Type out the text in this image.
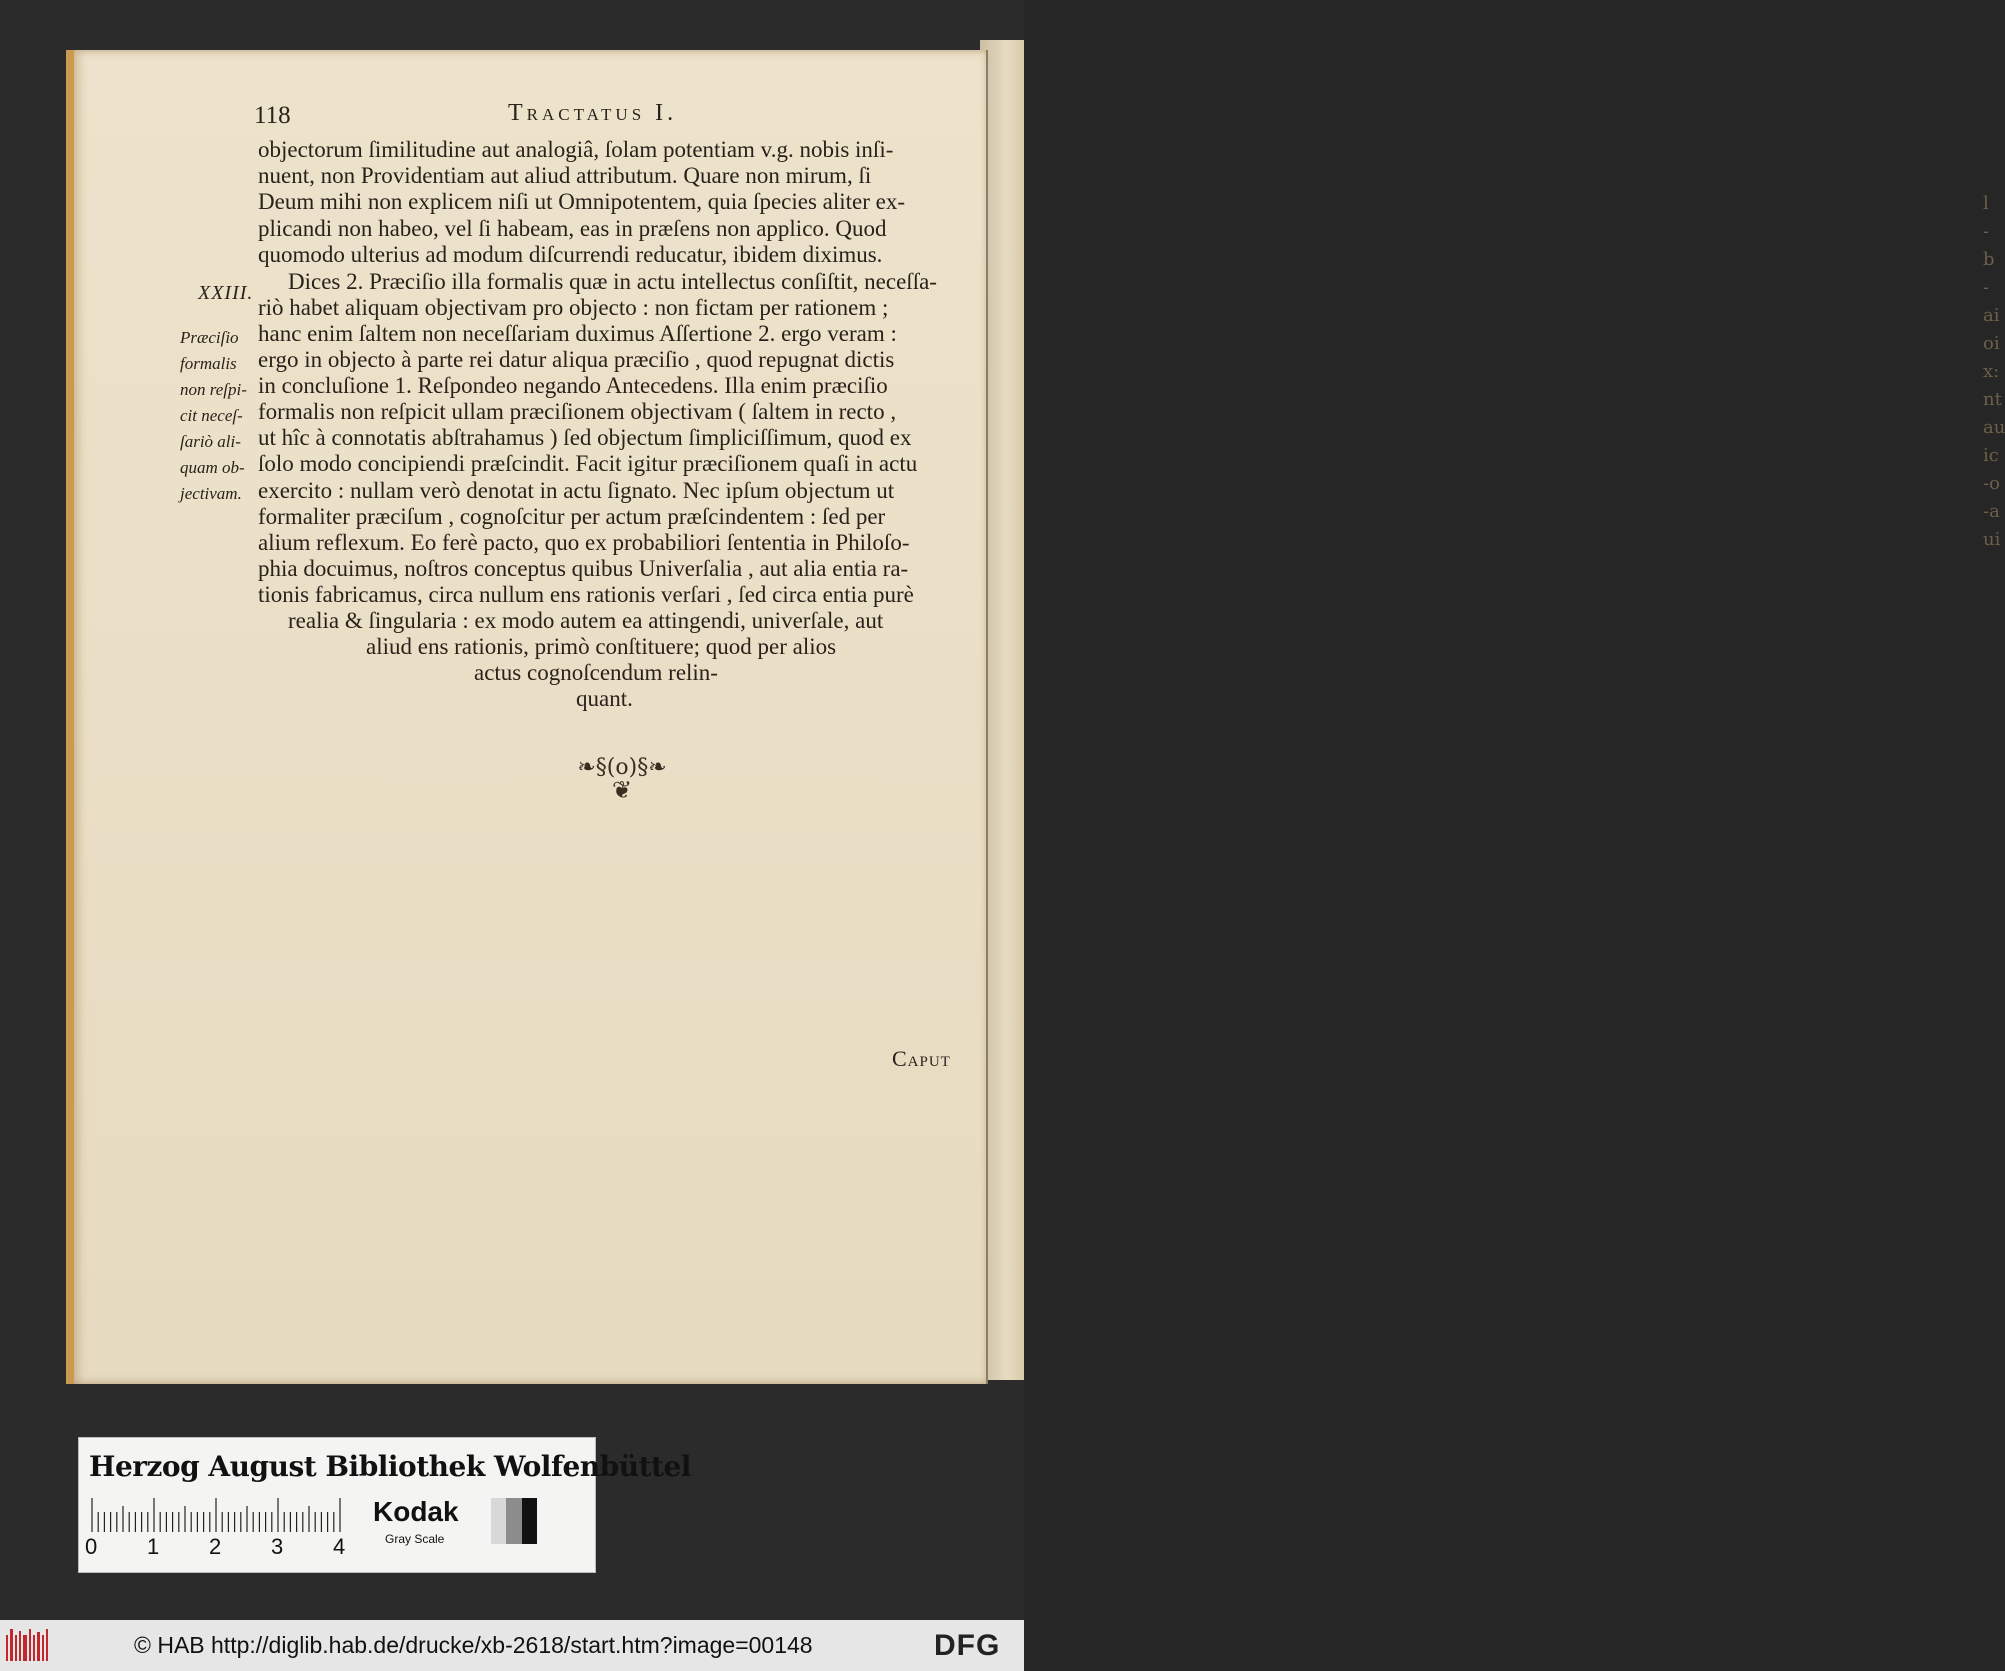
l
-
b
-
ai
oi
x:
nt
au
ic
-o
-a
ui
118	Tractatus I.
objectorum ſimilitudine aut analogiâ, ſolam potentiam v.g. nobis inſi-
nuent, non Providentiam aut aliud attributum. Quare non mirum, ſi
Deum mihi non explicem niſi ut Omnipotentem, quia ſpecies aliter ex-
plicandi non habeo, vel ſi habeam, eas in præſens non applico. Quod
quomodo ulterius ad modum diſcurrendi reducatur, ibidem diximus.
Dices 2. Præciſio illa formalis quæ in actu intellectus conſiſtit, neceſſa-
riò habet aliquam objectivam pro objecto : non fictam per rationem ;
hanc enim ſaltem non neceſſariam duximus Aſſertione 2. ergo veram :
ergo in objecto à parte rei datur aliqua præciſio , quod repugnat dictis
in concluſione 1. Reſpondeo negando Antecedens. Illa enim præciſio
formalis non reſpicit ullam præciſionem objectivam ( ſaltem in recto ,
ut hîc à connotatis abſtrahamus ) ſed objectum ſimpliciſſimum, quod ex
ſolo modo concipiendi præſcindit. Facit igitur præciſionem quaſi in actu
exercito : nullam verò denotat in actu ſignato. Nec ipſum objectum ut
formaliter præciſum , cognoſcitur per actum præſcindentem : ſed per
alium reflexum. Eo ferè pacto, quo ex probabiliori ſententia in Philoſo-
phia docuimus, noſtros conceptus quibus Univerſalia , aut alia entia ra-
tionis fabricamus, circa nullum ens rationis verſari , ſed circa entia purè
realia & ſingularia : ex modo autem ea attingendi, univerſale, aut
aliud ens rationis, primò conſtituere; quod per alios
actus cognoſcendum relin-
quant.
XXIII.
Præciſio
formalis
non reſpi-
cit neceſ-
ſariò ali-
quam ob-
jectivam.
❧§(o)§❧
❦
Caput
Herzog August Bibliothek Wolfenbüttel
0 1 2 3 4
Kodak
Gray Scale
© HAB http://diglib.hab.de/drucke/xb-2618/start.htm?image=00148	DFG
